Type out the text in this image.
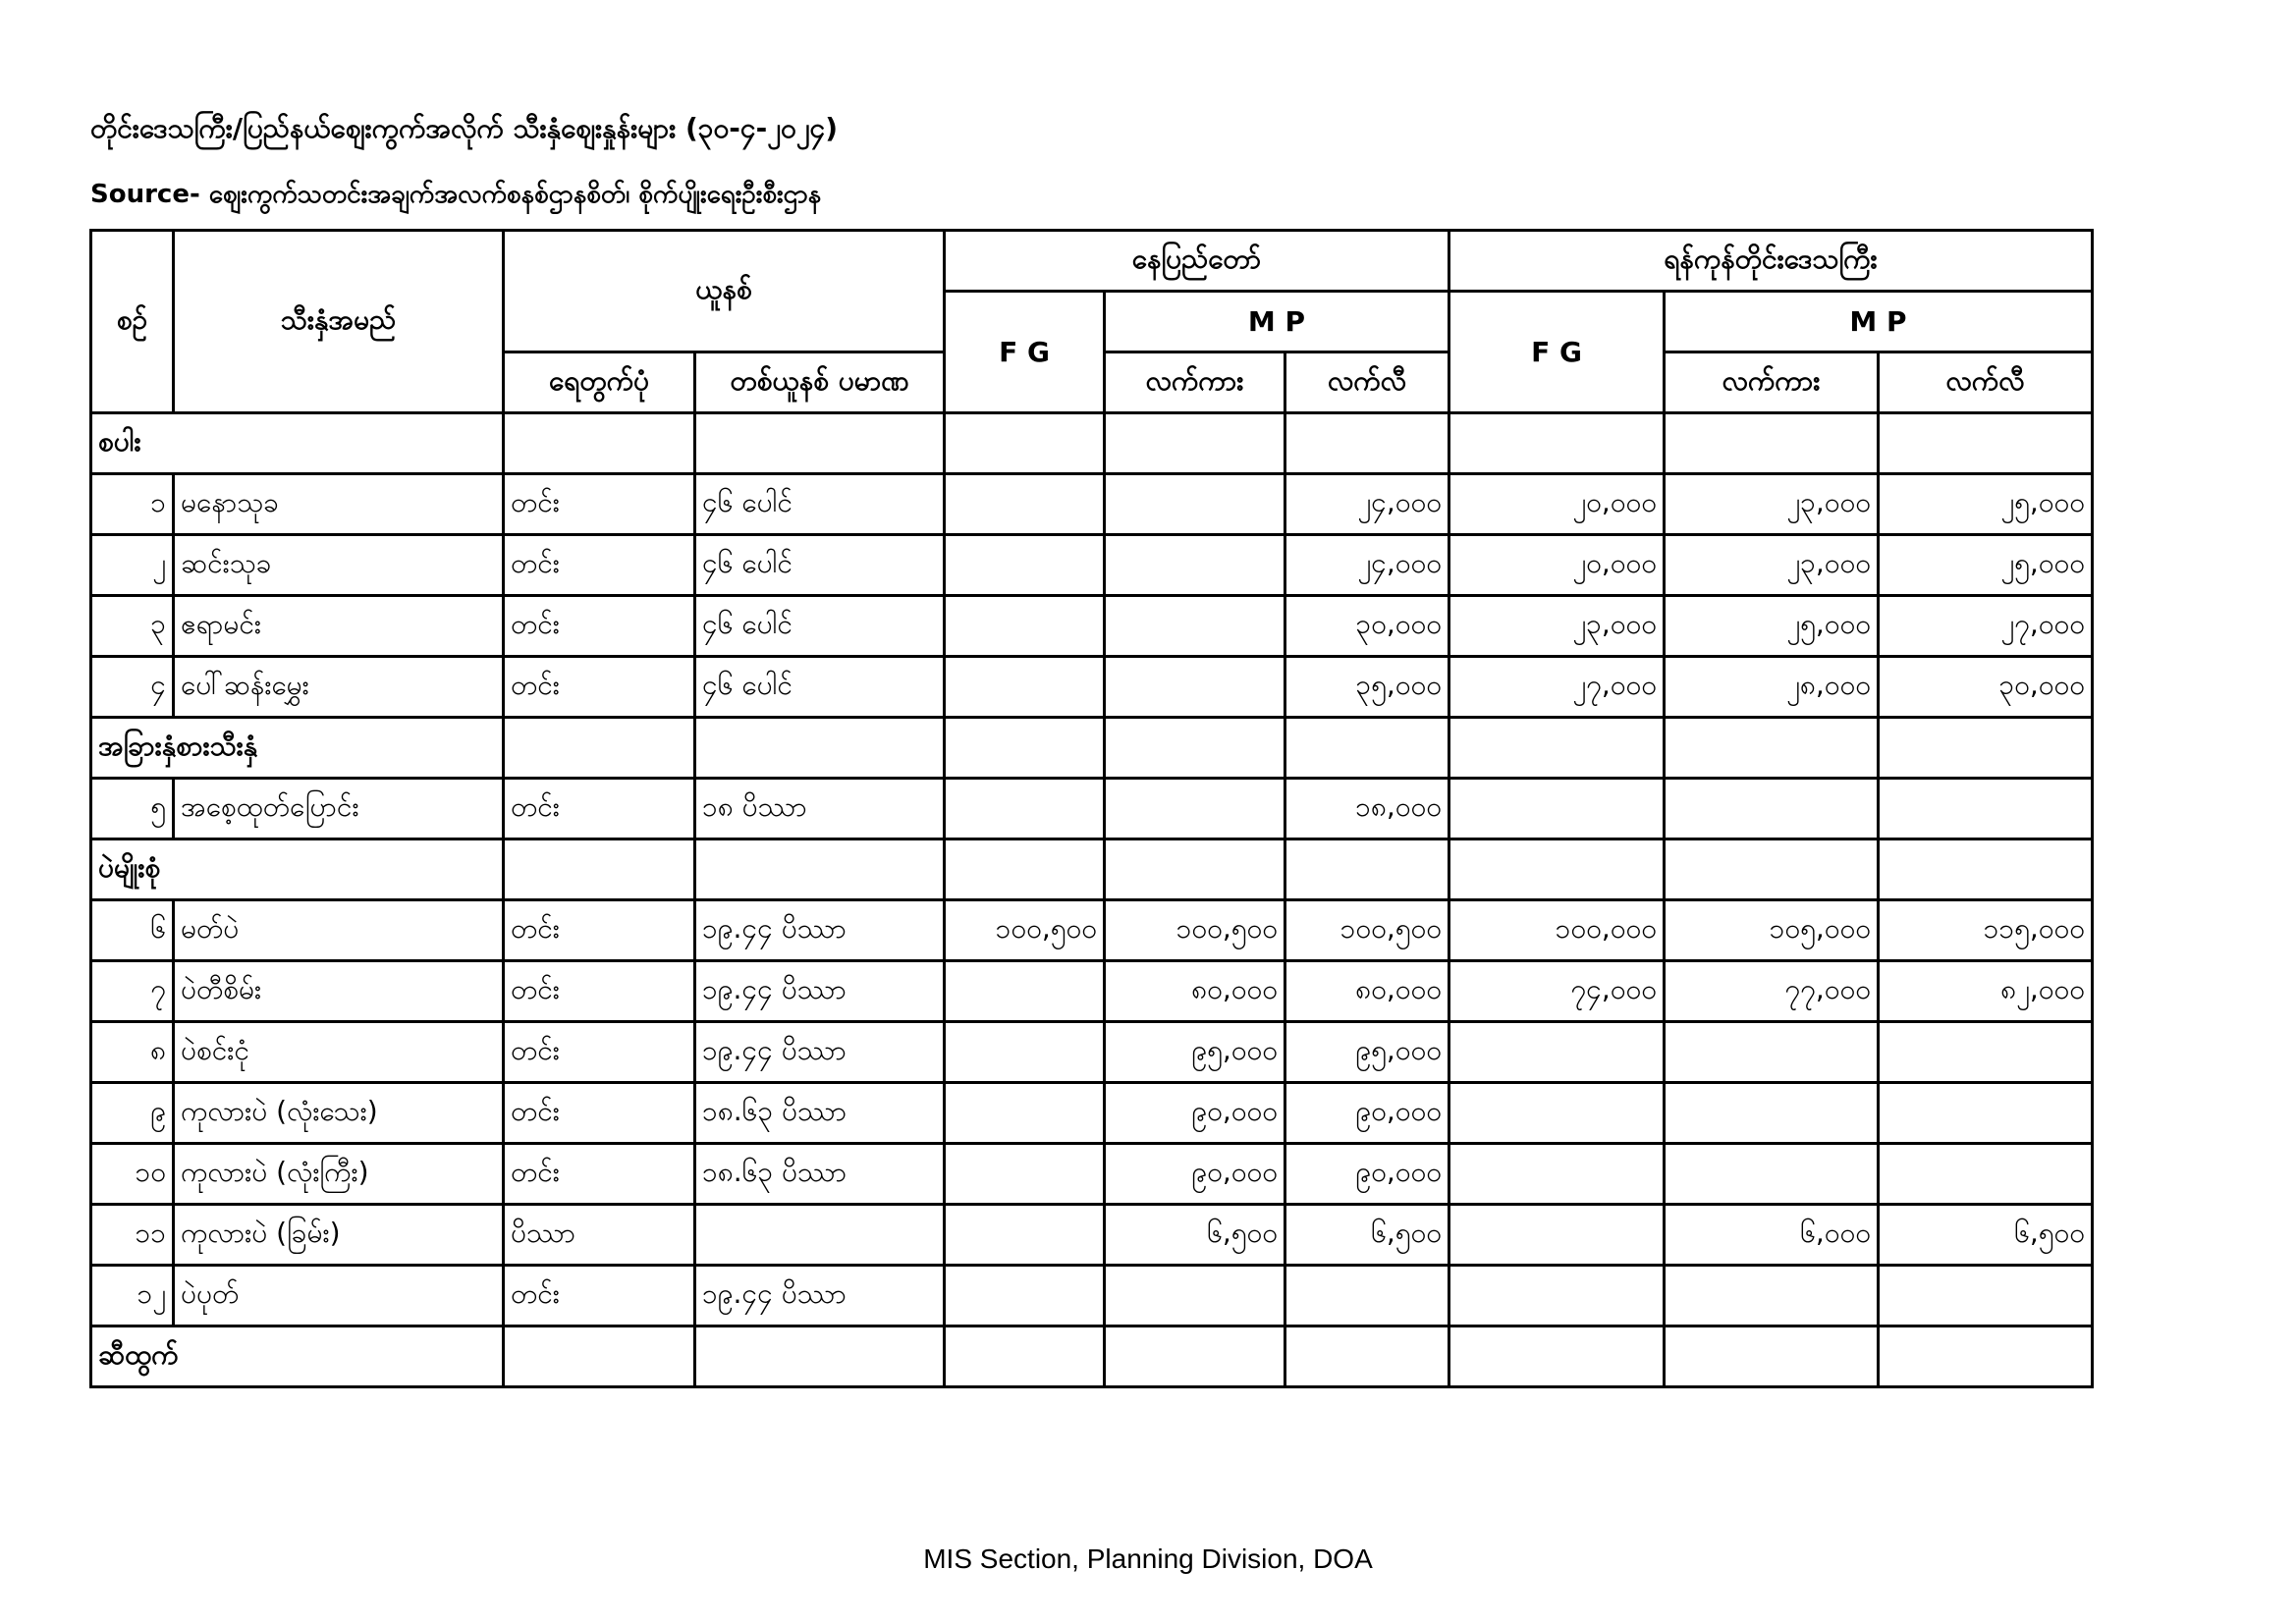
တိုင်းဒေသကြီး/ပြည်နယ်ဈေးကွက်အလိုက် သီးနှံဈေးနှုန်းများ (၃၀-၄-၂၀၂၄)
Source- ဈေးကွက်သတင်းအချက်အလက်စနစ်ဌာနစိတ်၊ စိုက်ပျိုးရေးဦးစီးဌာန
စဉ်	သီးနှံအမည်	ယူနစ်		နေပြည်တော်			ရန်ကုန်တိုင်းဒေသကြီး		
				F G	M P		F G	M P	
		ရေတွက်ပုံ	တစ်ယူနစ် ပမာဏ		လက်ကား	လက်လီ		လက်ကား	လက်လီ
စပါး									
၁	မနောသုခ	တင်း	၄၆ ပေါင်			၂၄,၀၀၀	၂၀,၀၀၀	၂၃,၀၀၀	၂၅,၀၀၀
၂	ဆင်းသုခ	တင်း	၄၆ ပေါင်			၂၄,၀၀၀	၂၀,၀၀၀	၂၃,၀၀၀	၂၅,၀၀၀
၃	ဧရာမင်း	တင်း	၄၆ ပေါင်			၃၀,၀၀၀	၂၃,၀၀၀	၂၅,၀၀၀	၂၇,၀၀၀
၄	ပေါ်ဆန်းမွှေး	တင်း	၄၆ ပေါင်			၃၅,၀၀၀	၂၇,၀၀၀	၂၈,၀၀၀	၃၀,၀၀၀
အခြားနှံစားသီးနှံ									
၅	အစေ့ထုတ်ပြောင်း	တင်း	၁၈ ပိဿာ			၁၈,၀၀၀			
ပဲမျိုးစုံ									
၆	မတ်ပဲ	တင်း	၁၉.၄၄ ပိဿာ	၁၀၀,၅၀၀	၁၀၀,၅၀၀	၁၀၀,၅၀၀	၁၀၀,၀၀၀	၁၀၅,၀၀၀	၁၁၅,၀၀၀
၇	ပဲတီစိမ်း	တင်း	၁၉.၄၄ ပိဿာ		၈၀,၀၀၀	၈၀,၀၀၀	၇၄,၀၀၀	၇၇,၀၀၀	၈၂,၀၀၀
၈	ပဲစင်းငုံ	တင်း	၁၉.၄၄ ပိဿာ		၉၅,၀၀၀	၉၅,၀၀၀			
၉	ကုလားပဲ (လုံးသေး)	တင်း	၁၈.၆၃ ပိဿာ		၉၀,၀၀၀	၉၀,၀၀၀			
၁၀	ကုလားပဲ (လုံးကြီး)	တင်း	၁၈.၆၃ ပိဿာ		၉၀,၀၀၀	၉၀,၀၀၀			
၁၁	ကုလားပဲ (ခြမ်း)	ပိဿာ			၆,၅၀၀	၆,၅၀၀		၆,၀၀၀	၆,၅၀၀
၁၂	ပဲပုတ်	တင်း	၁၉.၄၄ ပိဿာ						
ဆီထွက်									
MIS Section, Planning Division, DOA
